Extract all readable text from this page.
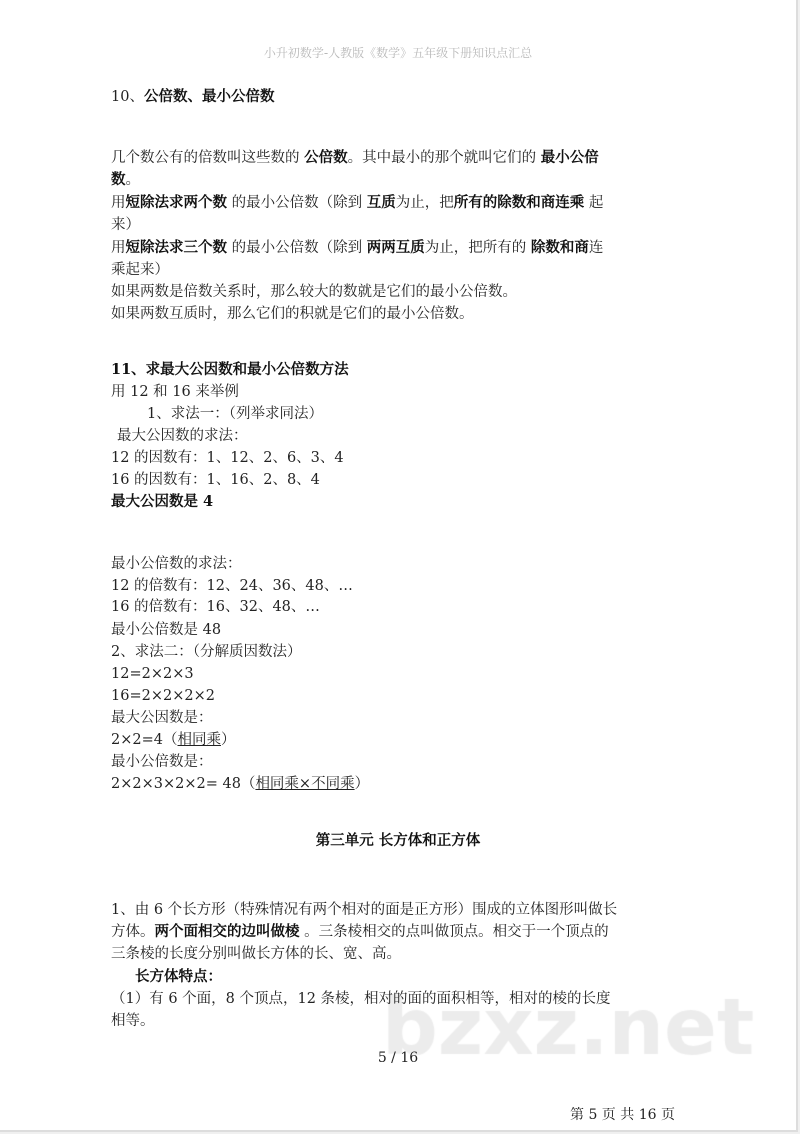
小升初数学-人教版《数学》五年级下册知识点汇总
10、公倍数、最小公倍数
几个数公有的倍数叫这些数的 公倍数。其中最小的那个就叫它们的 最小公倍
数。
用短除法求两个数 的最小公倍数（除到 互质为止，把所有的除数和商连乘 起
来）
用短除法求三个数 的最小公倍数（除到 两两互质为止，把所有的 除数和商连
乘起来）
如果两数是倍数关系时，那么较大的数就是它们的最小公倍数。
如果两数互质时，那么它们的积就是它们的最小公倍数。
11、求最大公因数和最小公倍数方法
用 12 和 16 来举例
1、求法一：（列举求同法）
最大公因数的求法：
12 的因数有：1、12、2、6、3、4
16 的因数有：1、16、2、8、4
最大公因数是 4
最小公倍数的求法：
12 的倍数有：12、24、36、48、…
16 的倍数有：16、32、48、…
最小公倍数是 48
2、求法二：（分解质因数法）
12=2×2×3
16=2×2×2×2
最大公因数是：
2×2=4（相同乘）
最小公倍数是：
2×2×3×2×2= 48（相同乘×不同乘）
第三单元 长方体和正方体
1、由 6 个长方形（特殊情况有两个相对的面是正方形）围成的立体图形叫做长
方体。两个面相交的边叫做棱 。三条棱相交的点叫做顶点。相交于一个顶点的
三条棱的长度分别叫做长方体的长、宽、高。
长方体特点：
（1）有 6 个面，8 个顶点，12 条棱，相对的面的面积相等，相对的棱的长度
相等。
5 / 16
第 5 页 共 16 页
